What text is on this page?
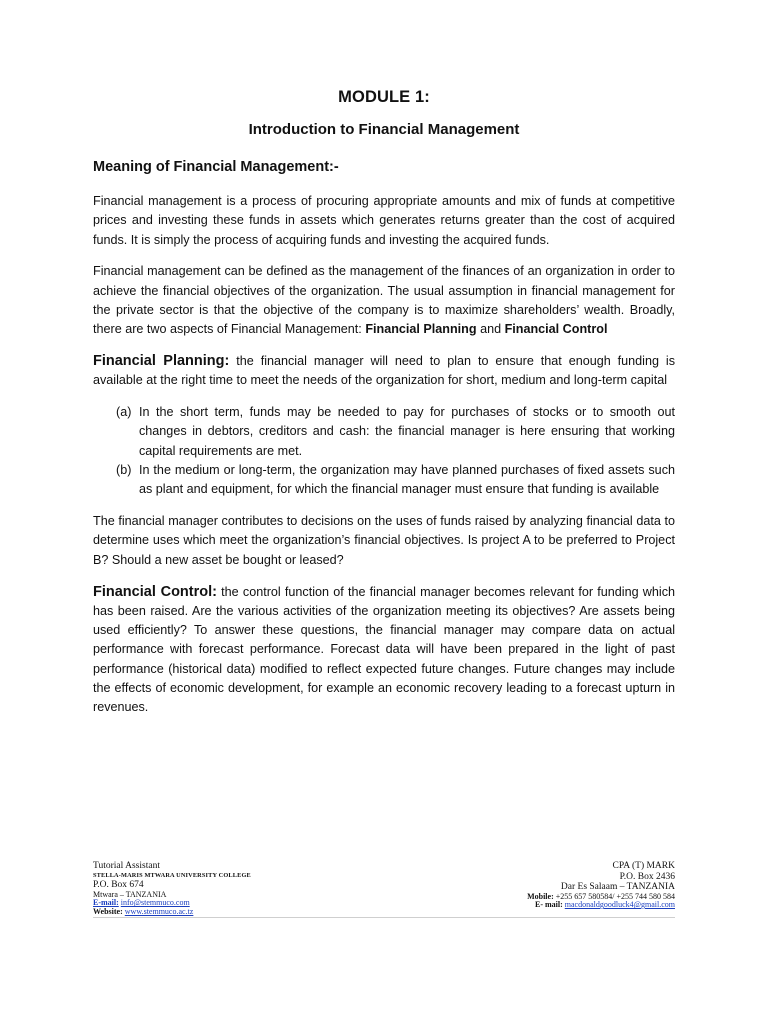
MODULE 1:
Introduction to Financial Management
Meaning of Financial Management:-

Financial management is a process of procuring appropriate amounts and mix of funds at competitive prices and investing these funds in assets which generates returns greater than the cost of acquired funds. It is simply the process of acquiring funds and investing the acquired funds.

Financial management can be defined as the management of the finances of an organization in order to achieve the financial objectives of the organization. The usual assumption in financial management for the private sector is that the objective of the company is to maximize shareholders’ wealth. Broadly, there are two aspects of Financial Management: Financial Planning and Financial Control

Financial Planning: the financial manager will need to plan to ensure that enough funding is available at the right time to meet the needs of the organization for short, medium and long-term capital

(a) In the short term, funds may be needed to pay for purchases of stocks or to smooth out changes in debtors, creditors and cash: the financial manager is here ensuring that working capital requirements are met.
(b) In the medium or long-term, the organization may have planned purchases of fixed assets such as plant and equipment, for which the financial manager must ensure that funding is available

The financial manager contributes to decisions on the uses of funds raised by analyzing financial data to determine uses which meet the organization’s financial objectives. Is project A to be preferred to Project B? Should a new asset be bought or leased?

Financial Control: the control function of the financial manager becomes relevant for funding which has been raised. Are the various activities of the organization meeting its objectives? Are assets being used efficiently? To answer these questions, the financial manager may compare data on actual performance with forecast performance. Forecast data will have been prepared in the light of past performance (historical data) modified to reflect expected future changes. Future changes may include the effects of economic development, for example an economic recovery leading to a forecast upturn in revenues.

Tutorial Assistant
STELLA-MARIS MTWARA UNIVERSITY COLLEGE
P.O. Box 674
Mtwara – TANZANIA
E-mail: info@stemmuco.com
Website: www.stemmuco.ac.tz
CPA (T) MARK
P.O. Box 2436
Dar Es Salaam – TANZANIA
Mobile: +255 657 580584/ +255 744 580 584
E- mail: macdonaldgoodluck4@gmail.com
